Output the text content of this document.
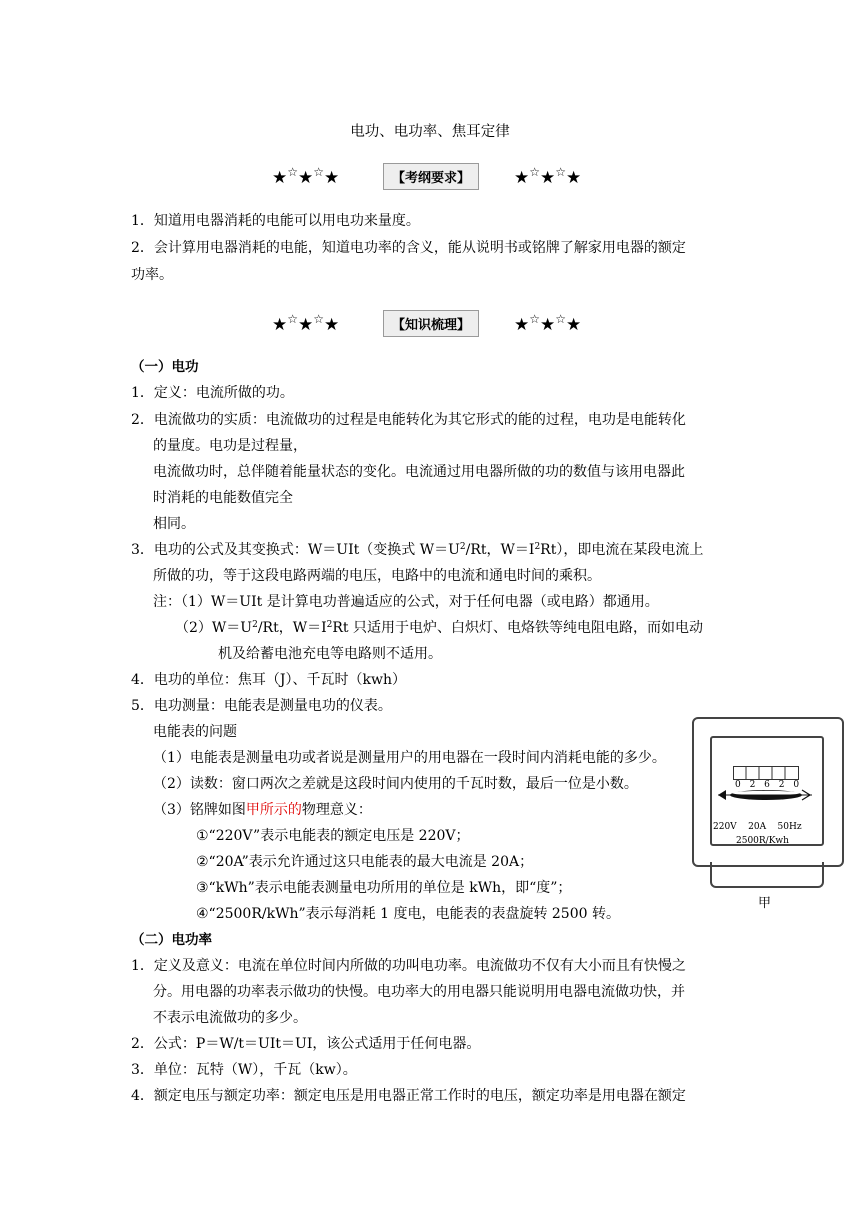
电功、电功率、焦耳定律
★☆★☆★	【考纲要求】	★☆★☆★
1．知道用电器消耗的电能可以用电功来量度。
2．会计算用电器消耗的电能，知道电功率的含义，能从说明书或铭牌了解家用电器的额定
功率。
★☆★☆★	【知识梳理】	★☆★☆★
（一）电功
1．定义：电流所做的功。
2．电流做功的实质：电流做功的过程是电能转化为其它形式的能的过程，电功是电能转化
的量度。电功是过程量，
电流做功时，总伴随着能量状态的变化。电流通过用电器所做的功的数值与该用电器此
时消耗的电能数值完全
相同。
3．电功的公式及其变换式：W＝UIt（变换式 $W=U^2/Rt$，$W=I^2Rt$），即电流在某段电流上
所做的功，等于这段电路两端的电压，电路中的电流和通电时间的乘积。
注：（1）W＝UIt 是计算电功普遍适应的公式，对于任何电器（或电路）都通用。
$(2)W=U^2/Rt$，$W=I^2Rt$ 只适用于电炉、白炽灯、电烙铁等纯电阻电路，而如电动
机及给蓄电池充电等电路则不适用。
4．电功的单位：焦耳（J）、千瓦时（kwh）
5．电功测量：电能表是测量电功的仪表。
电能表的问题
（1）电能表是测量电功或者说是测量用户的用电器在一段时间内消耗电能的多少。
（2）读数：窗口两次之差就是这段时间内使用的千瓦时数，最后一位是小数。
（3）铭牌如图甲所示的物理意义：
①“220V”表示电能表的额定电压是 220V；
②“20A”表示允许通过这只电能表的最大电流是 20A；
③“kWh”表示电能表测量电功所用的单位是 kWh，即“度”；
④“2500R/kWh”表示每消耗 1 度电，电能表的表盘旋转 2500 转。
0 2 6 2 0
220V    20A    50Hz
2500R/Kwh
甲
（二）电功率
1．定义及意义：电流在单位时间内所做的功叫电功率。电流做功不仅有大小而且有快慢之
分。用电器的功率表示做功的快慢。电功率大的用电器只能说明用电器电流做功快，并
不表示电流做功的多少。
2．公式：P＝W/t＝UIt＝UI，该公式适用于任何电器。
3．单位：瓦特（W），千瓦（kw）。
4．额定电压与额定功率：额定电压是用电器正常工作时的电压，额定功率是用电器在额定
